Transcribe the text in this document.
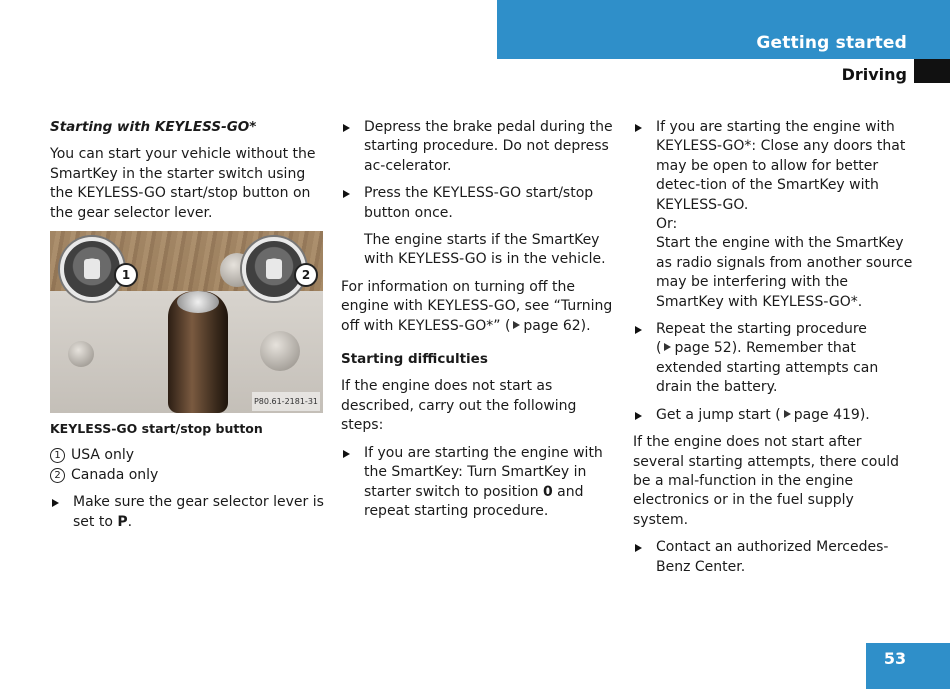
Getting started
Driving

Starting with KEYLESS-GO*

You can start your vehicle without the SmartKey in the starter switch using the KEYLESS-GO start/stop button on the gear selector lever.

1	2
P80.61-2181-31

KEYLESS-GO start/stop button

1 USA only

2 Canada only

Make sure the gear selector lever is set to P.

Depress the brake pedal during the starting procedure. Do not depress ac-celerator.

Press the KEYLESS-GO start/stop button once.

The engine starts if the SmartKey with KEYLESS-GO is in the vehicle.

For information on turning off the engine with KEYLESS-GO, see “Turning off with KEYLESS-GO*” ( page 62).

Starting difficulties

If the engine does not start as described, carry out the following steps:

If you are starting the engine with the SmartKey: Turn SmartKey in starter switch to position 0 and repeat starting procedure.

If you are starting the engine with KEYLESS-GO*: Close any doors that may be open to allow for better detec-tion of the SmartKey with KEYLESS-GO.
Or:
Start the engine with the SmartKey as radio signals from another source may be interfering with the SmartKey with KEYLESS-GO*.

Repeat the starting procedure
( page 52). Remember that extended starting attempts can drain the battery.

Get a jump start ( page 419).

If the engine does not start after several starting attempts, there could be a mal-function in the engine electronics or in the fuel supply system.

Contact an authorized Mercedes-Benz Center.

53
